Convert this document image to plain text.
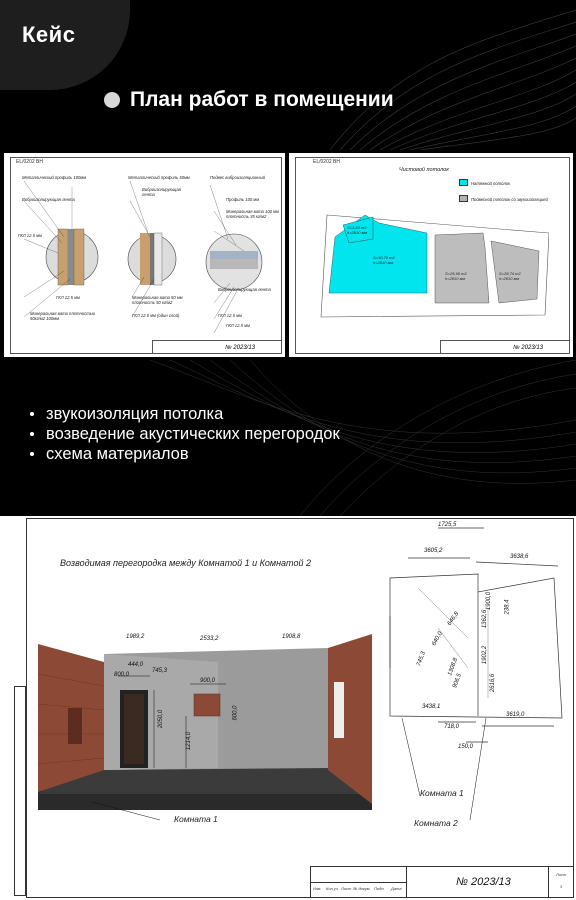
Кейс
План работ в помещении
ЕL/0202 ВН
Металлический профиль 100мм
Виброизолирующая лента
ГКЛ 12.5 мм
ГКЛ 12.5 мм
Минеральная вата плотностью 50кг/м2 100мм
Металлический профиль 50мм
Виброизолирующая лента
Минеральная вата 50 мм плотность 50 кг/м2
ГКЛ 12.5 мм (один слой)
Подвес виброизоляционный
Профиль 100 мм
Минеральная вата 100 мм плотность 35 кг/м2
Виброизолирующая лента
ГКЛ 12.5 мм
ГКЛ 12.5 мм
№ 2023/13
ЕL/0202 ВН
Чистовой потолок
Натяжной потолок
Подвесной потолок со звукоизоляцией
S=3,83 m2
h=2810 мм
S=30,70 m2
h=2810 мм
S=25,66 m2
h=2810 мм
S=28,74 m2
h=2810 мм
№ 2023/13
звукоизоляция потолка
возведение акустических перегородок
схема материалов
Возводимая перегородка между Комнатой 1 и Комнатой 2
1989,2	2533,2	1908,8
444,0
745,3
800,0
900,0
2050,0
1214,0
600,0
Комната 1
1725,5
3605,2
3638,6
1900,0
1362,6
238,4
1902,2
2616,6
646,8
1308,8
640,0
745,3
906,5
3438,1
718,0
3619,0
150,0
Комната 1
Комната 2
Изм. Кол.уч Лист № докум. Подп. Дата
Лист
3
№ 2023/13
